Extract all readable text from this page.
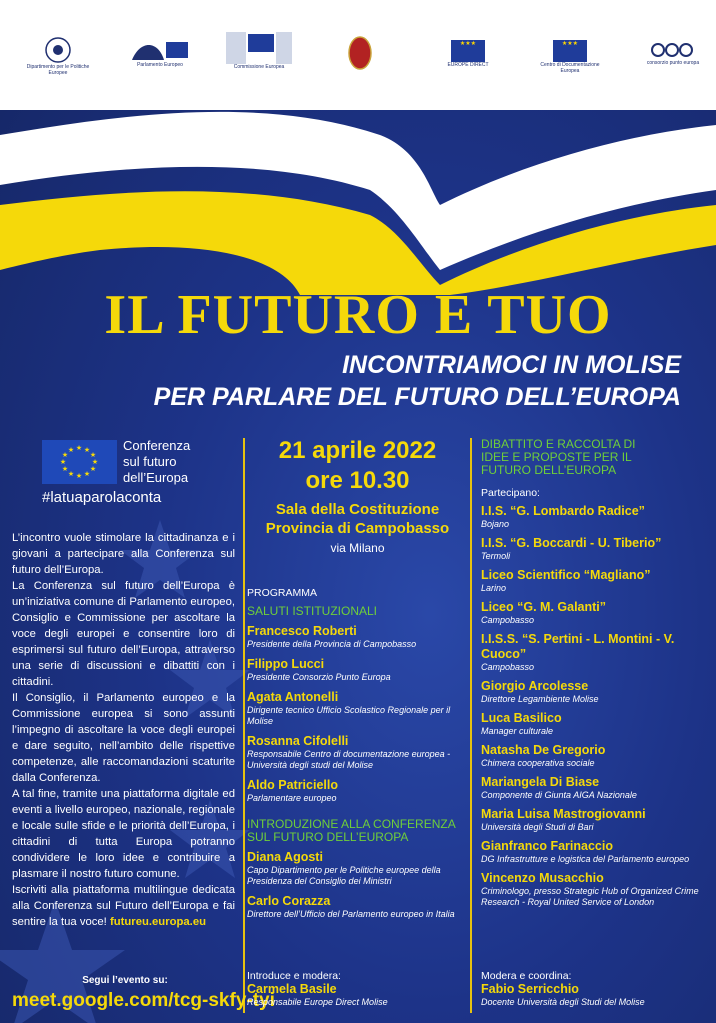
Dipartimento per le Politiche Europee
Parlamento Europeo	Commissione Europea
★★★
EUROPE DIRECT
★★★
Centro di Documentazione Europea
consorzio punto europa
IL FUTURO È TUO
INCONTRIAMOCI IN MOLISE
PER PARLARE DEL FUTURO DELL’EUROPA
★ ★
★
★
★
★
★
★
★
★
★
★	Conferenza
sul futuro
dell’Europa
#latuaparolaconta

L’incontro vuole stimolare la cittadinanza e i giovani a partecipare alla Conferenza sul futuro dell’Europa.

La Conferenza sul futuro dell’Europa è un’iniziativa comune di Parlamento europeo, Consiglio e Commissione per ascoltare la voce degli europei e consentire loro di esprimersi sul futuro dell’Europa, attraverso una serie di discussioni e dibattiti con i cittadini.

Il Consiglio, il Parlamento europeo e la Commissione europea si sono assunti l’impegno di ascoltare la voce degli europei e dare seguito, nell’ambito delle rispettive competenze, alle raccomandazioni scaturite dalla Conferenza.

A tal fine, tramite una piattaforma digitale ed eventi a livello europeo, nazionale, regionale e locale sulle sfide e le priorità dell’Europa, i cittadini di tutta Europa potranno condividere le loro idee e contribuire a plasmare il nostro futuro comune.

Iscriviti alla piattaforma multilingue dedicata alla Conferenza sul Futuro dell’Europa e fai sentire la tua voce! futureu.europa.eu

Segui l’evento su:
meet.google.com/tcg-skfy-tyi
21 aprile 2022
ore 10.30
Sala della Costituzione
Provincia di Campobasso
via Milano

PROGRAMMA

SALUTI ISTITUZIONALI

Francesco Roberti

Presidente della Provincia di Campobasso

Filippo Lucci

Presidente Consorzio Punto Europa

Agata Antonelli

Dirigente tecnico Ufficio Scolastico Regionale per il Molise

Rosanna Cifolelli

Responsabile Centro di documentazione europea - Università degli studi del Molise

Aldo Patriciello

Parlamentare europeo

INTRODUZIONE ALLA CONFERENZA SUL FUTURO DELL’EUROPA

Diana Agosti

Capo Dipartimento per le Politiche europee della Presidenza del Consiglio dei Ministri

Carlo Corazza

Direttore dell’Ufficio del Parlamento europeo in Italia

Introduce e modera:

Carmela Basile

Responsabile Europe Direct Molise

DIBATTITO E RACCOLTA DI IDEE E PROPOSTE PER IL FUTURO DELL’EUROPA

Partecipano:

I.I.S. “G. Lombardo Radice”

Bojano

I.I.S. “G. Boccardi - U. Tiberio”

Termoli

Liceo Scientifico “Magliano”

Larino

Liceo “G. M. Galanti”

Campobasso

I.I.S.S. “S. Pertini - L. Montini - V. Cuoco”

Campobasso

Giorgio Arcolesse

Direttore Legambiente Molise

Luca Basilico

Manager culturale

Natasha De Gregorio

Chimera cooperativa sociale

Mariangela Di Biase

Componente di Giunta AIGA Nazionale

Maria Luisa Mastrogiovanni

Università degli Studi di Bari

Gianfranco Farinaccio

DG Infrastrutture e logistica del Parlamento europeo

Vincenzo Musacchio

Criminologo, presso Strategic Hub of Organized Crime Research - Royal United Service of London

Modera e coordina:

Fabio Serricchio

Docente Università degli Studi del Molise
